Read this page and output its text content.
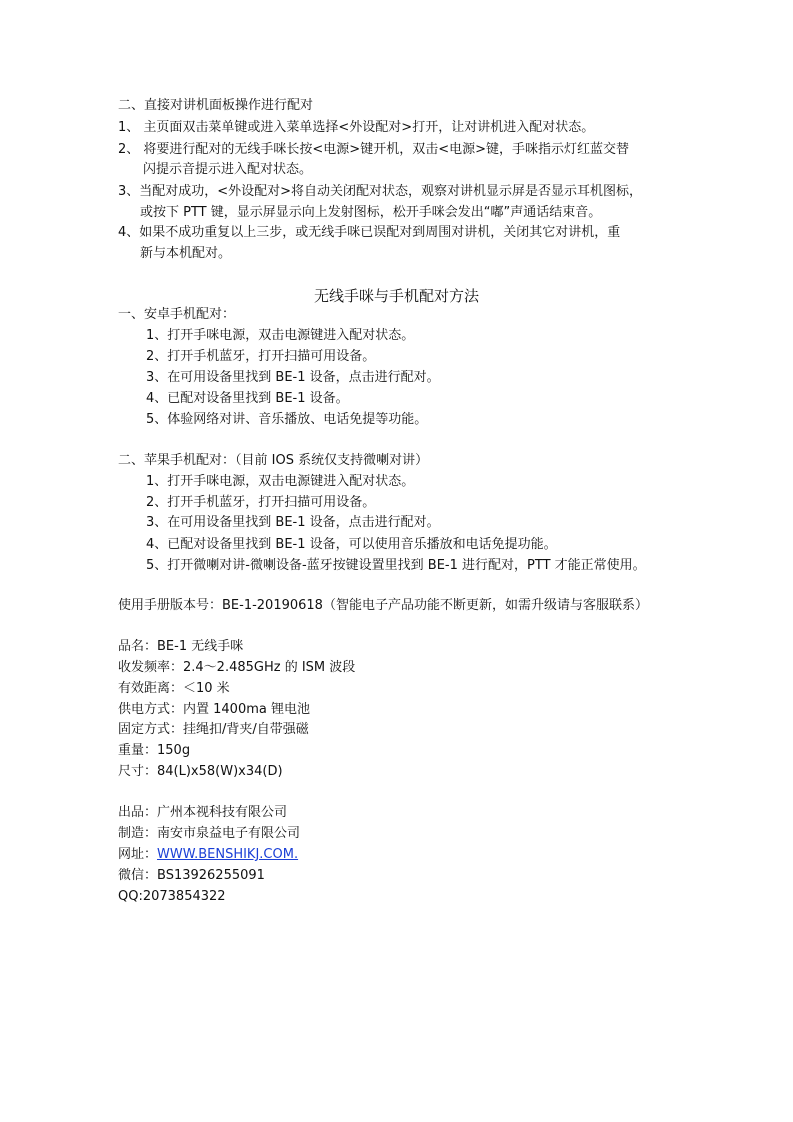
二、直接对讲机面板操作进行配对
1、 主页面双击菜单键或进入菜单选择<外设配对>打开，让对讲机进入配对状态。
2、 将要进行配对的无线手咪长按<电源>键开机，双击<电源>键，手咪指示灯红蓝交替
闪提示音提示进入配对状态。
3、当配对成功，<外设配对>将自动关闭配对状态，观察对讲机显示屏是否显示耳机图标，
或按下 PTT 键，显示屏显示向上发射图标，松开手咪会发出“嘟”声通话结束音。
4、如果不成功重复以上三步，或无线手咪已误配对到周围对讲机，关闭其它对讲机，重
新与本机配对。
无线手咪与手机配对方法
一、安卓手机配对：
1、打开手咪电源，双击电源键进入配对状态。
2、打开手机蓝牙，打开扫描可用设备。
3、在可用设备里找到 BE-1 设备，点击进行配对。
4、已配对设备里找到 BE-1 设备。
5、体验网络对讲、音乐播放、电话免提等功能。
二、苹果手机配对：（目前 IOS 系统仅支持微喇对讲）
1、打开手咪电源，双击电源键进入配对状态。
2、打开手机蓝牙，打开扫描可用设备。
3、在可用设备里找到 BE-1 设备，点击进行配对。
4、已配对设备里找到 BE-1 设备，可以使用音乐播放和电话免提功能。
5、打开微喇对讲-微喇设备-蓝牙按键设置里找到 BE-1 进行配对，PTT 才能正常使用。
使用手册版本号：BE-1-20190618（智能电子产品功能不断更新，如需升级请与客服联系）
品名：BE-1 无线手咪
收发频率：2.4～2.485GHz 的 ISM 波段
有效距离：＜10 米
供电方式：内置 1400ma 锂电池
固定方式：挂绳扣/背夹/自带强磁
重量：150g
尺寸：84(L)x58(W)x34(D)
出品：广州本视科技有限公司
制造：南安市泉益电子有限公司
网址：WWW.BENSHIKJ.COM.
微信：BS13926255091
QQ:2073854322
